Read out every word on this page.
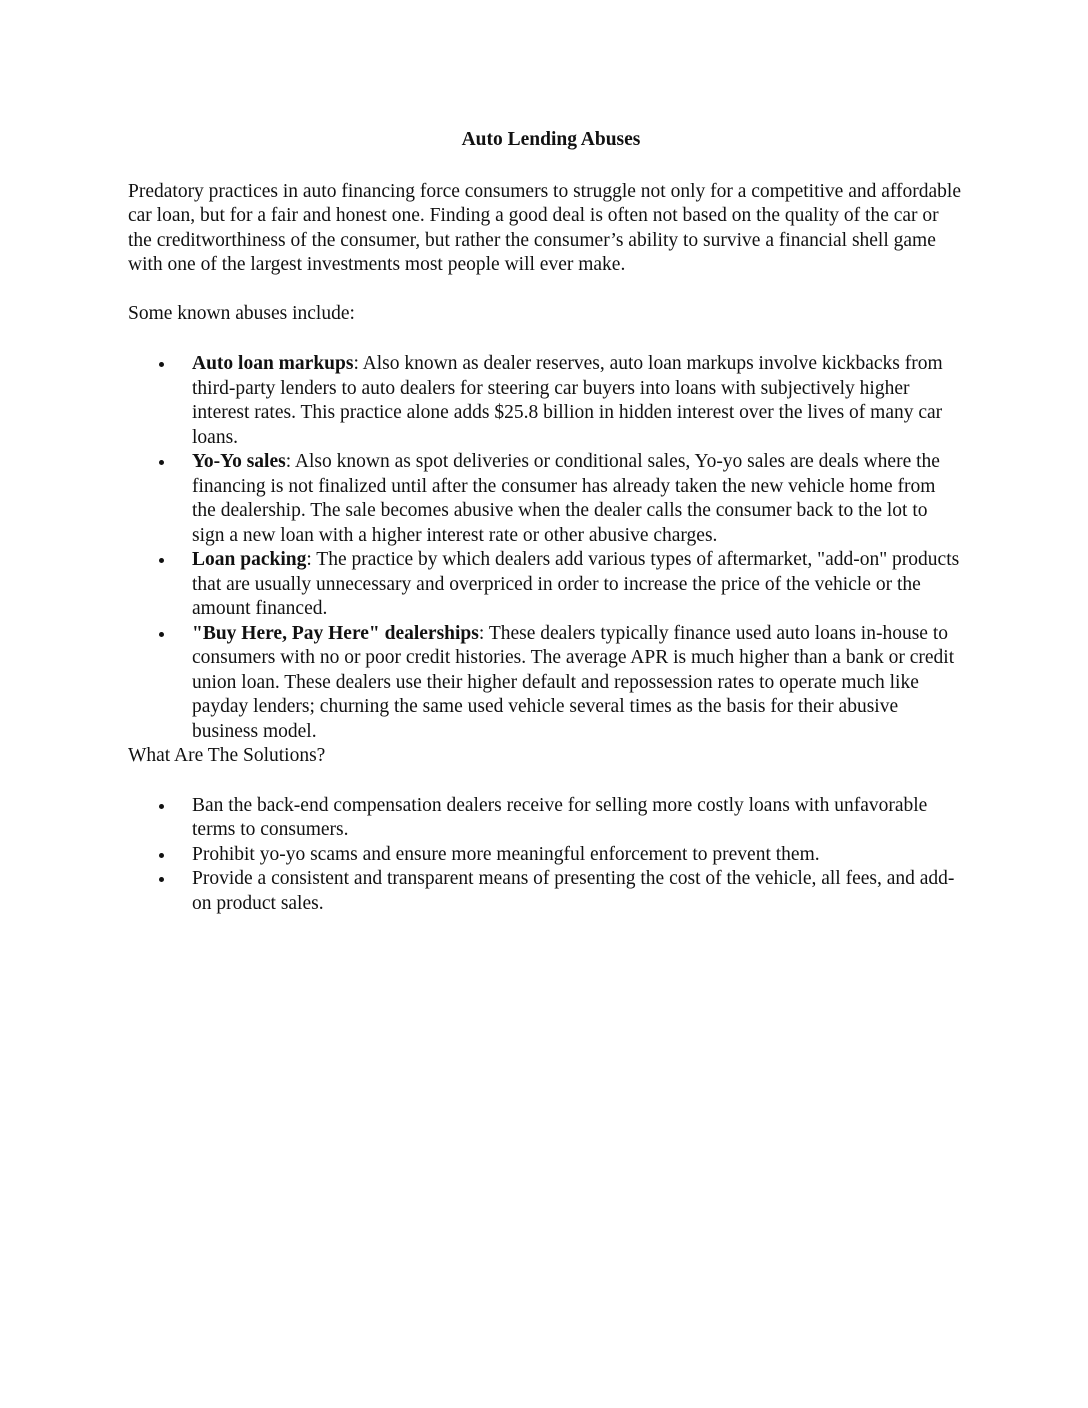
Auto Lending Abuses

Predatory practices in auto financing force consumers to struggle not only for a competitive and affordable car loan, but for a fair and honest one. Finding a good deal is often not based on the quality of the car or the creditworthiness of the consumer, but rather the consumer’s ability to survive a financial shell game with one of the largest investments most people will ever make.

Some known abuses include:

Auto loan markups: Also known as dealer reserves, auto loan markups involve kickbacks from third-party lenders to auto dealers for steering car buyers into loans with subjectively higher interest rates. This practice alone adds $25.8 billion in hidden interest over the lives of many car loans.
Yo-Yo sales: Also known as spot deliveries or conditional sales, Yo-yo sales are deals where the financing is not finalized until after the consumer has already taken the new vehicle home from the dealership. The sale becomes abusive when the dealer calls the consumer back to the lot to sign a new loan with a higher interest rate or other abusive charges.
Loan packing: The practice by which dealers add various types of aftermarket, "add-on" products that are usually unnecessary and overpriced in order to increase the price of the vehicle or the amount financed.
"Buy Here, Pay Here" dealerships: These dealers typically finance used auto loans in-house to consumers with no or poor credit histories. The average APR is much higher than a bank or credit union loan. These dealers use their higher default and repossession rates to operate much like payday lenders; churning the same used vehicle several times as the basis for their abusive business model.

What Are The Solutions?

Ban the back-end compensation dealers receive for selling more costly loans with unfavorable terms to consumers.
Prohibit yo-yo scams and ensure more meaningful enforcement to prevent them.
Provide a consistent and transparent means of presenting the cost of the vehicle, all fees, and add-on product sales.
